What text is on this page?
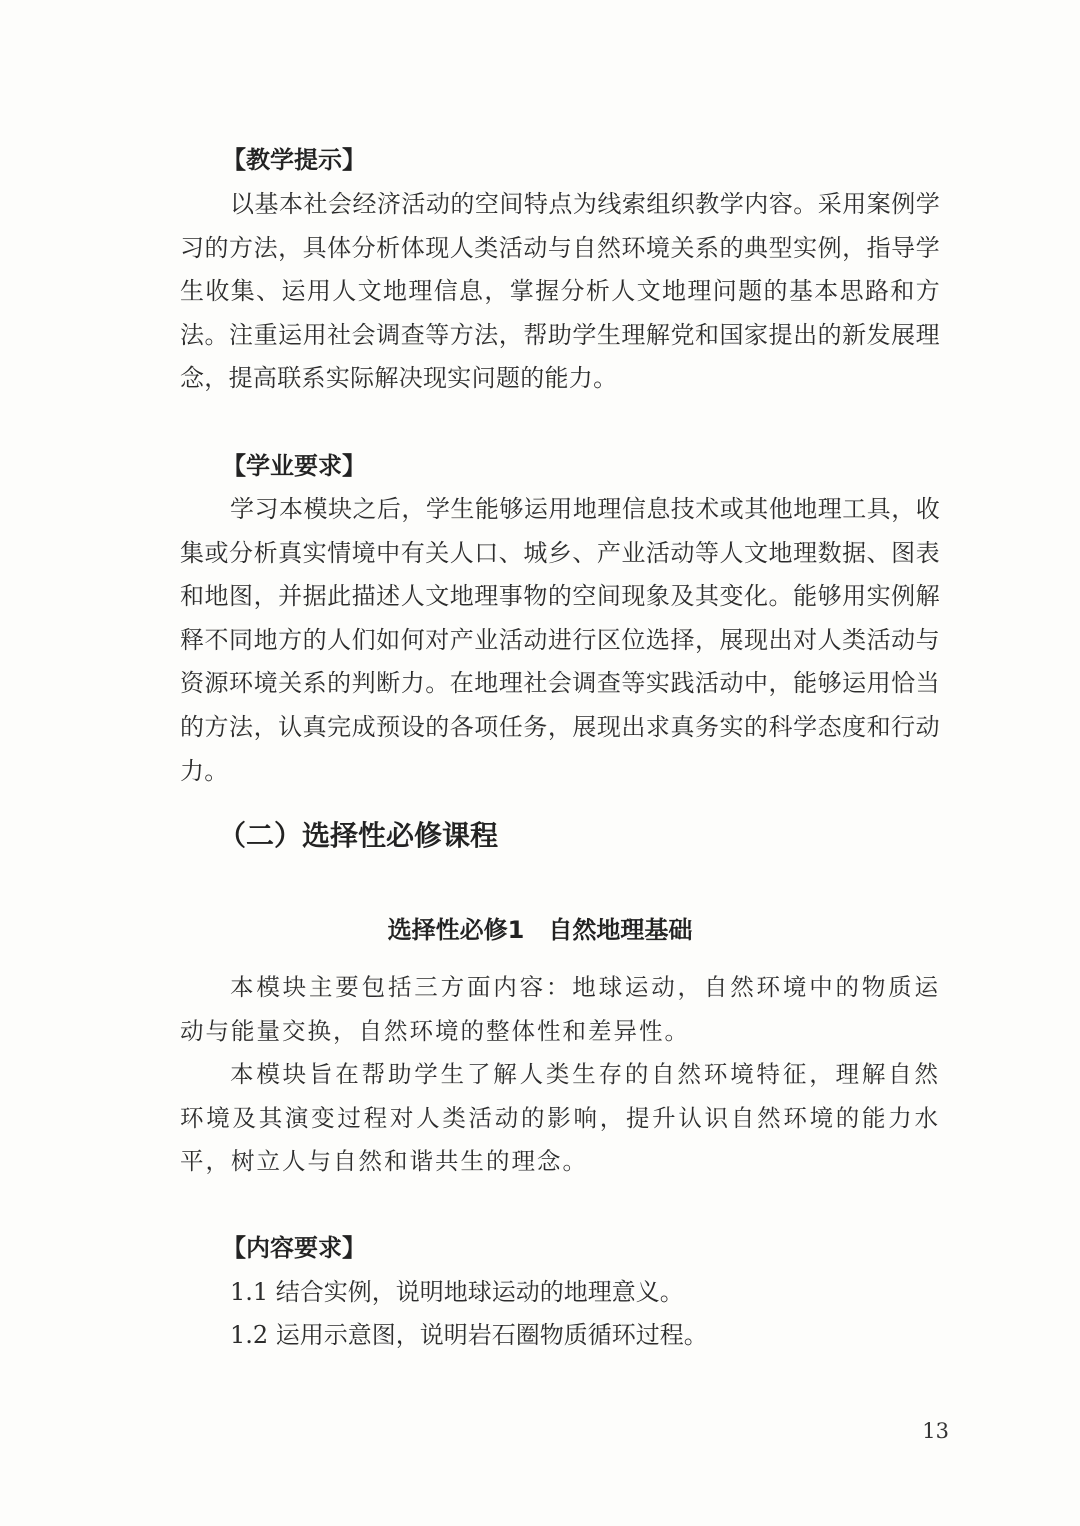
【教学提示】
以基本社会经济活动的空间特点为线索组织教学内容。采用案例学习的方法，具体分析体现人类活动与自然环境关系的典型实例，指导学生收集、运用人文地理信息，掌握分析人文地理问题的基本思路和方法。注重运用社会调查等方法，帮助学生理解党和国家提出的新发展理念，提高联系实际解决现实问题的能力。
【学业要求】
学习本模块之后，学生能够运用地理信息技术或其他地理工具，收集或分析真实情境中有关人口、城乡、产业活动等人文地理数据、图表和地图，并据此描述人文地理事物的空间现象及其变化。能够用实例解释不同地方的人们如何对产业活动进行区位选择，展现出对人类活动与资源环境关系的判断力。在地理社会调查等实践活动中，能够运用恰当的方法，认真完成预设的各项任务，展现出求真务实的科学态度和行动力。
（二）选择性必修课程
选择性必修1 自然地理基础
本模块主要包括三方面内容：地球运动，自然环境中的物质运动与能量交换，自然环境的整体性和差异性。
本模块旨在帮助学生了解人类生存的自然环境特征，理解自然环境及其演变过程对人类活动的影响，提升认识自然环境的能力水平，树立人与自然和谐共生的理念。
【内容要求】
1.1 结合实例，说明地球运动的地理意义。
1.2 运用示意图，说明岩石圈物质循环过程。
13
